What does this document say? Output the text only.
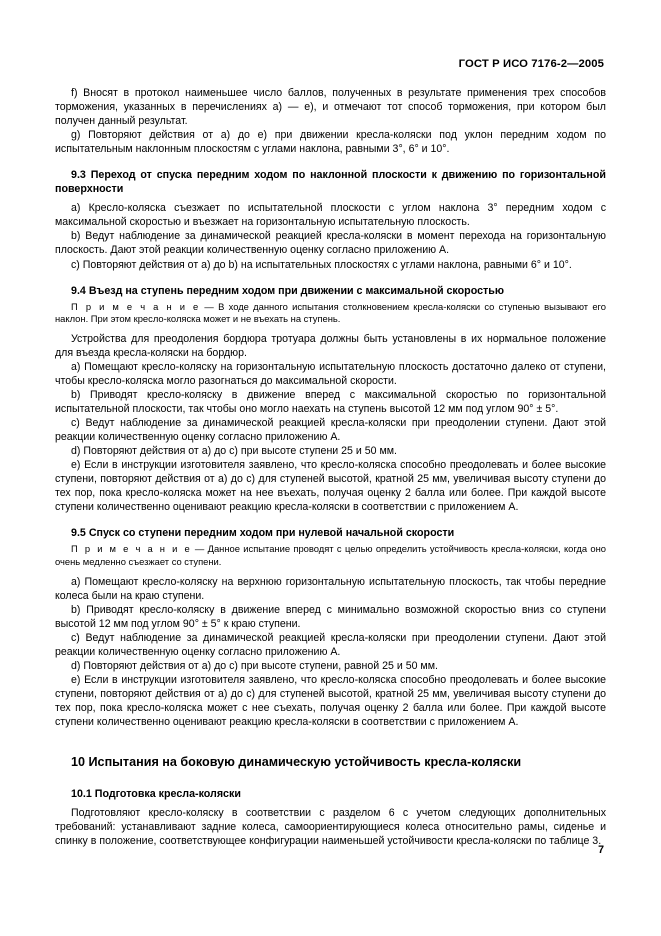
ГОСТ Р ИСО 7176-2—2005

f) Вносят в протокол наименьшее число баллов, полученных в результате применения трех способов торможения, указанных в перечислениях a) — e), и отмечают тот способ торможения, при котором был получен данный результат.

g) Повторяют действия от a) до e) при движении кресла-коляски под уклон передним ходом по испытательным наклонным плоскостям с углами наклона, равными 3°, 6° и 10°.

9.3 Переход от спуска передним ходом по наклонной плоскости к движению по горизонтальной поверхности

a) Кресло-коляска съезжает по испытательной плоскости с углом наклона 3° передним ходом с максимальной скоростью и въезжает на горизонтальную испытательную плоскость.

b) Ведут наблюдение за динамической реакцией кресла-коляски в момент перехода на горизонтальную плоскость. Дают этой реакции количественную оценку согласно приложению А.

c) Повторяют действия от a) до b) на испытательных плоскостях с углами наклона, равными 6° и 10°.

9.4 Въезд на ступень передним ходом при движении с максимальной скоростью

П р и м е ч а н и е — В ходе данного испытания столкновением кресла-коляски со ступенью вызывают его наклон. При этом кресло-коляска может и не въехать на ступень.

Устройства для преодоления бордюра тротуара должны быть установлены в их нормальное положение для въезда кресла-коляски на бордюр.

a) Помещают кресло-коляску на горизонтальную испытательную плоскость достаточно далеко от ступени, чтобы кресло-коляска могло разогнаться до максимальной скорости.

b) Приводят кресло-коляску в движение вперед с максимальной скоростью по горизонтальной испытательной плоскости, так чтобы оно могло наехать на ступень высотой 12 мм под углом 90° ± 5°.

c) Ведут наблюдение за динамической реакцией кресла-коляски при преодолении ступени. Дают этой реакции количественную оценку согласно приложению А.

d) Повторяют действия от a) до c) при высоте ступени 25 и 50 мм.

e) Если в инструкции изготовителя заявлено, что кресло-коляска способно преодолевать и более высокие ступени, повторяют действия от a) до c) для ступеней высотой, кратной 25 мм, увеличивая высоту ступени до тех пор, пока кресло-коляска может на нее въехать, получая оценку 2 балла или более. При каждой высоте ступени количественно оценивают реакцию кресла-коляски в соответствии с приложением А.

9.5 Спуск со ступени передним ходом при нулевой начальной скорости

П р и м е ч а н и е — Данное испытание проводят с целью определить устойчивость кресла-коляски, когда оно очень медленно съезжает со ступени.

a) Помещают кресло-коляску на верхнюю горизонтальную испытательную плоскость, так чтобы передние колеса были на краю ступени.

b) Приводят кресло-коляску в движение вперед с минимально возможной скоростью вниз со ступени высотой 12 мм под углом 90° ± 5° к краю ступени.

c) Ведут наблюдение за динамической реакцией кресла-коляски при преодолении ступени. Дают этой реакции количественную оценку согласно приложению А.

d) Повторяют действия от a) до c) при высоте ступени, равной 25 и 50 мм.

e) Если в инструкции изготовителя заявлено, что кресло-коляска способно преодолевать и более высокие ступени, повторяют действия от a) до c) для ступеней высотой, кратной 25 мм, увеличивая высоту ступени до тех пор, пока кресло-коляска может с нее съехать, получая оценку 2 балла или более. При каждой высоте ступени количественно оценивают реакцию кресла-коляски в соответствии с приложением А.

10 Испытания на боковую динамическую устойчивость кресла-коляски
10.1 Подготовка кресла-коляски

Подготовляют кресло-коляску в соответствии с разделом 6 с учетом следующих дополнительных требований: устанавливают задние колеса, самоориентирующиеся колеса относительно рамы, сиденье и спинку в положение, соответствующее конфигурации наименьшей устойчивости кресла-коляски по таблице 3.

7
